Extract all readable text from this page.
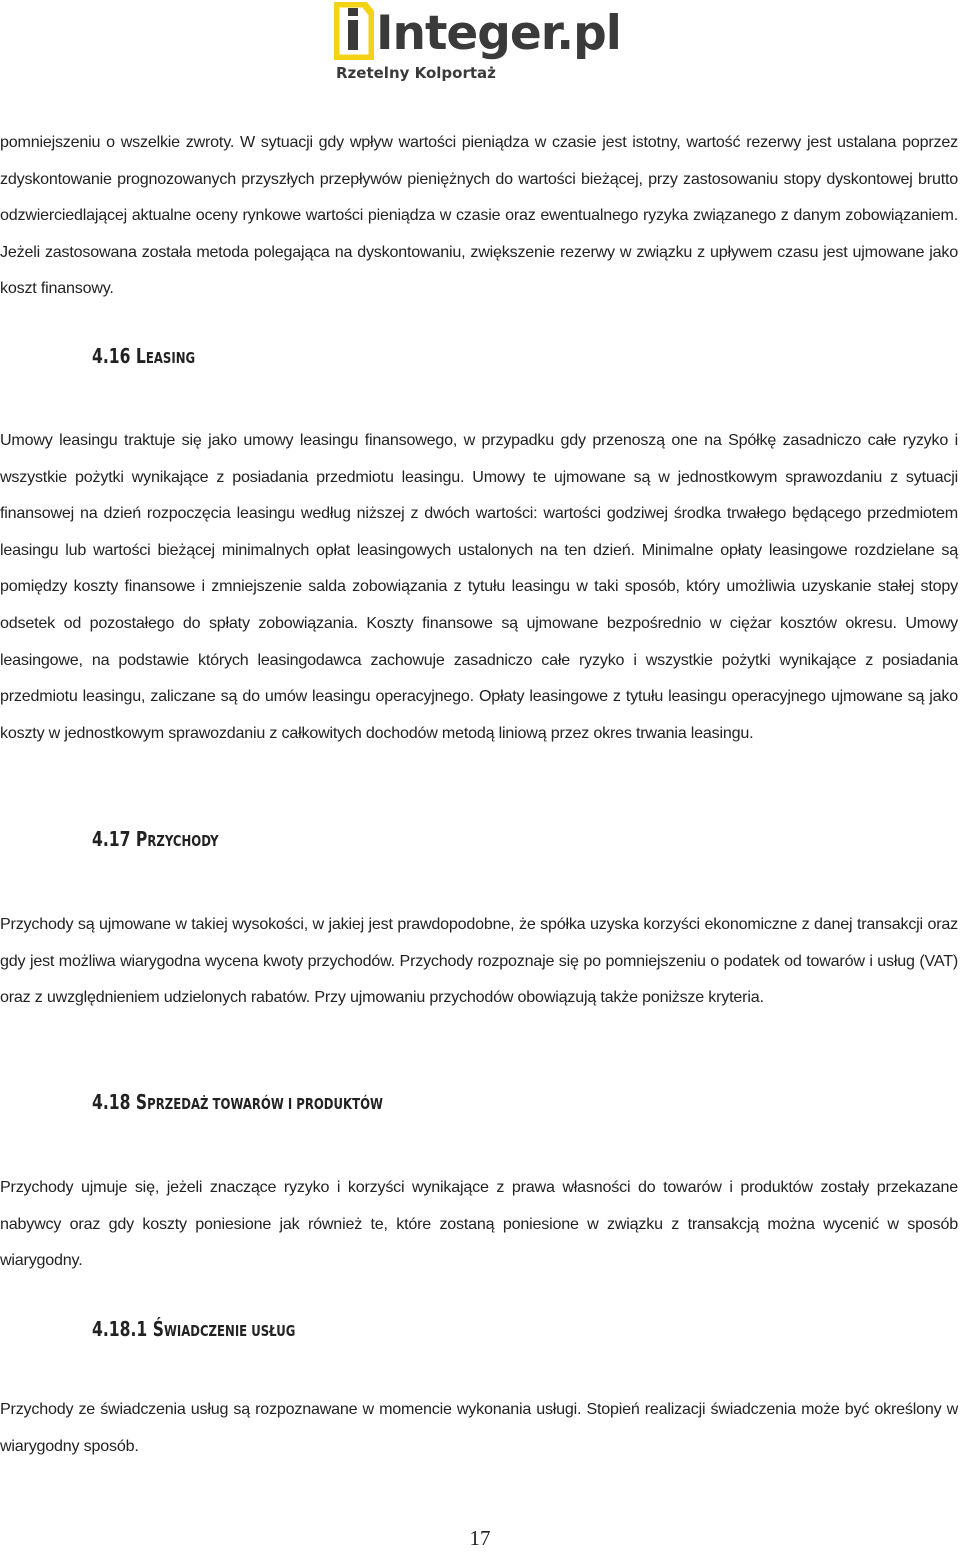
Integer.pl
Rzetelny Kolportaż
pomniejszeniu o wszelkie zwroty. W sytuacji gdy wpływ wartości pieniądza w czasie jest istotny, wartość rezerwy jest ustalana poprzez zdyskontowanie prognozowanych przyszłych przepływów pieniężnych do wartości bieżącej, przy zastosowaniu stopy dyskontowej brutto odzwierciedlającej aktualne oceny rynkowe wartości pieniądza w czasie oraz ewentualnego ryzyka związanego z danym zobowiązaniem. Jeżeli zastosowana została metoda polegająca na dyskontowaniu, zwiększenie rezerwy w związku z upływem czasu jest ujmowane jako koszt finansowy.
4.16 LEASING
Umowy leasingu traktuje się jako umowy leasingu finansowego, w przypadku gdy przenoszą one na Spółkę zasadniczo całe ryzyko i wszystkie pożytki wynikające z posiadania przedmiotu leasingu. Umowy te ujmowane są w jednostkowym sprawozdaniu z sytuacji finansowej na dzień rozpoczęcia leasingu według niższej z dwóch wartości: wartości godziwej środka trwałego będącego przedmiotem leasingu lub wartości bieżącej minimalnych opłat leasingowych ustalonych na ten dzień. Minimalne opłaty leasingowe rozdzielane są pomiędzy koszty finansowe i zmniejszenie salda zobowiązania z tytułu leasingu w taki sposób, który umożliwia uzyskanie stałej stopy odsetek od pozostałego do spłaty zobowiązania. Koszty finansowe są ujmowane bezpośrednio w ciężar kosztów okresu. Umowy leasingowe, na podstawie których leasingodawca zachowuje zasadniczo całe ryzyko i wszystkie pożytki wynikające z posiadania przedmiotu leasingu, zaliczane są do umów leasingu operacyjnego. Opłaty leasingowe z tytułu leasingu operacyjnego ujmowane są jako koszty w jednostkowym sprawozdaniu z całkowitych dochodów metodą liniową przez okres trwania leasingu.
4.17 PRZYCHODY
Przychody są ujmowane w takiej wysokości, w jakiej jest prawdopodobne, że spółka uzyska korzyści ekonomiczne z danej transakcji oraz gdy jest możliwa wiarygodna wycena kwoty przychodów. Przychody rozpoznaje się po pomniejszeniu o podatek od towarów i usług (VAT) oraz z uwzględnieniem udzielonych rabatów. Przy ujmowaniu przychodów obowiązują także poniższe kryteria.
4.18 SPRZEDAŻ TOWARÓW I PRODUKTÓW
Przychody ujmuje się, jeżeli znaczące ryzyko i korzyści wynikające z prawa własności do towarów i produktów zostały przekazane nabywcy oraz gdy koszty poniesione jak również te, które zostaną poniesione w związku z transakcją można wycenić w sposób wiarygodny.
4.18.1 ŚWIADCZENIE USŁUG
Przychody ze świadczenia usług są rozpoznawane w momencie wykonania usługi. Stopień realizacji świadczenia może być określony w wiarygodny sposób.
17
